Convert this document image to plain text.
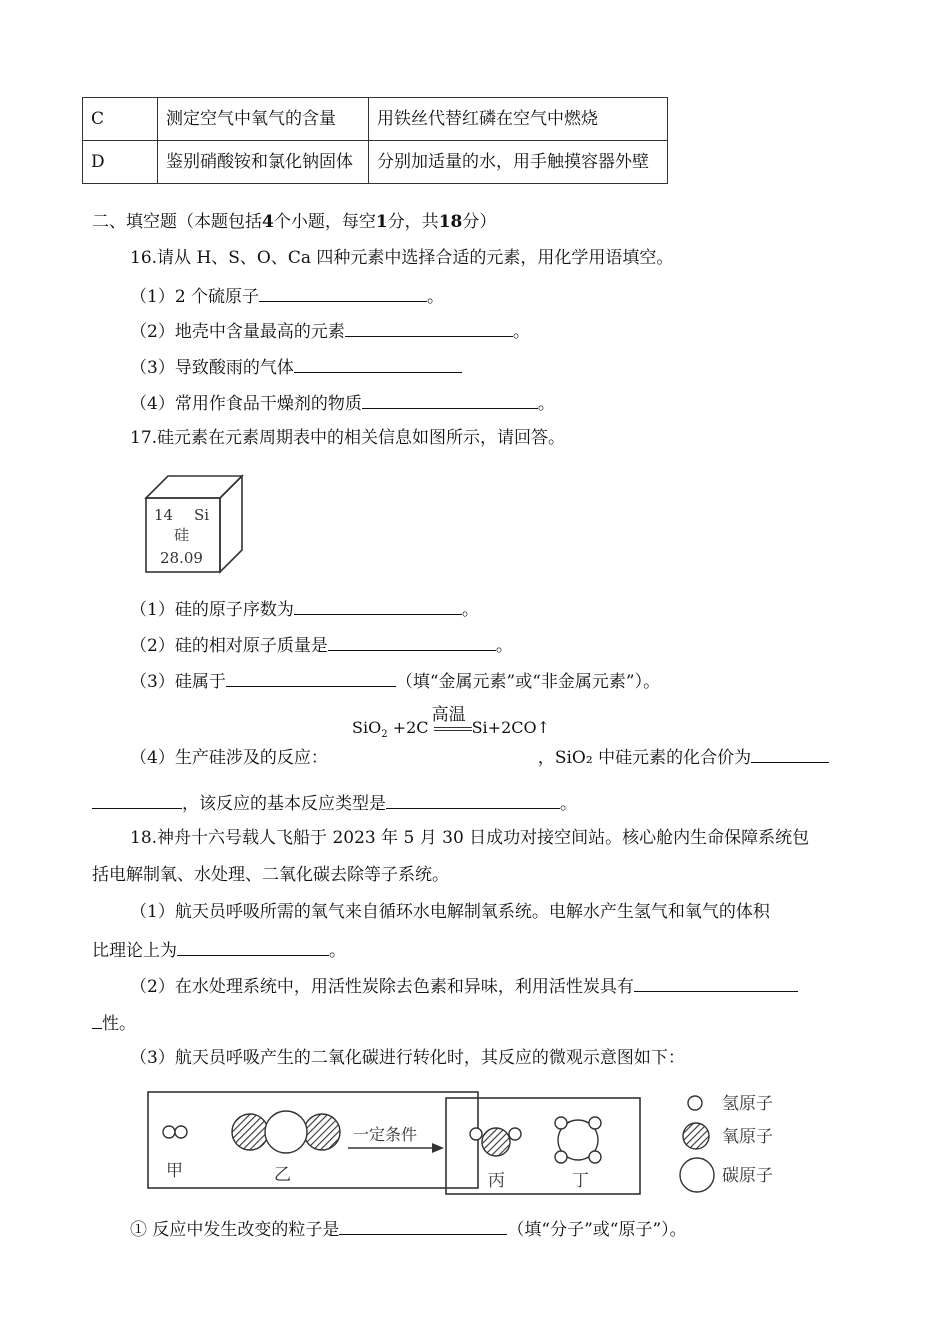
C	测定空气中氧气的含量	用铁丝代替红磷在空气中燃烧
D	鉴别硝酸铵和氯化钠固体	分别加适量的水，用手触摸容器外壁
二、填空题（本题包括4个小题，每空1分，共18分）
16.请从 H、S、O、Ca 四种元素中选择合适的元素，用化学用语填空。
（1）2 个硫原子	。
（2）地壳中含量最高的元素	。
（3）导致酸雨的气体
（4）常用作食品干燥剂的物质	。
17.硅元素在元素周期表中的相关信息如图所示，请回答。
14 Si
硅
28.09
（1）硅的原子序数为	。
（2）硅的相对原子质量是	。
（3）硅属于	（填“金属元素”或“非金属元素”）。
SiO$_2$ +2C
高温
Si+2CO↑
（4）生产硅涉及的反应：	，SiO₂ 中硅元素的化合价为
，该反应的基本反应类型是	。
18.神舟十六号载人飞船于 2023 年 5 月 30 日成功对接空间站。核心舱内生命保障系统包
括电解制氧、水处理、二氧化碳去除等子系统。
（1）航天员呼吸所需的氧气来自循环水电解制氧系统。电解水产生氢气和氧气的体积
比理论上为	。
（2）在水处理系统中，用活性炭除去色素和异味，利用活性炭具有
性。
（3）航天员呼吸产生的二氧化碳进行转化时，其反应的微观示意图如下：
甲	乙
一定条件
丙	丁
氢原子
氧原子
碳原子
① 反应中发生改变的粒子是	（填“分子”或“原子”）。
